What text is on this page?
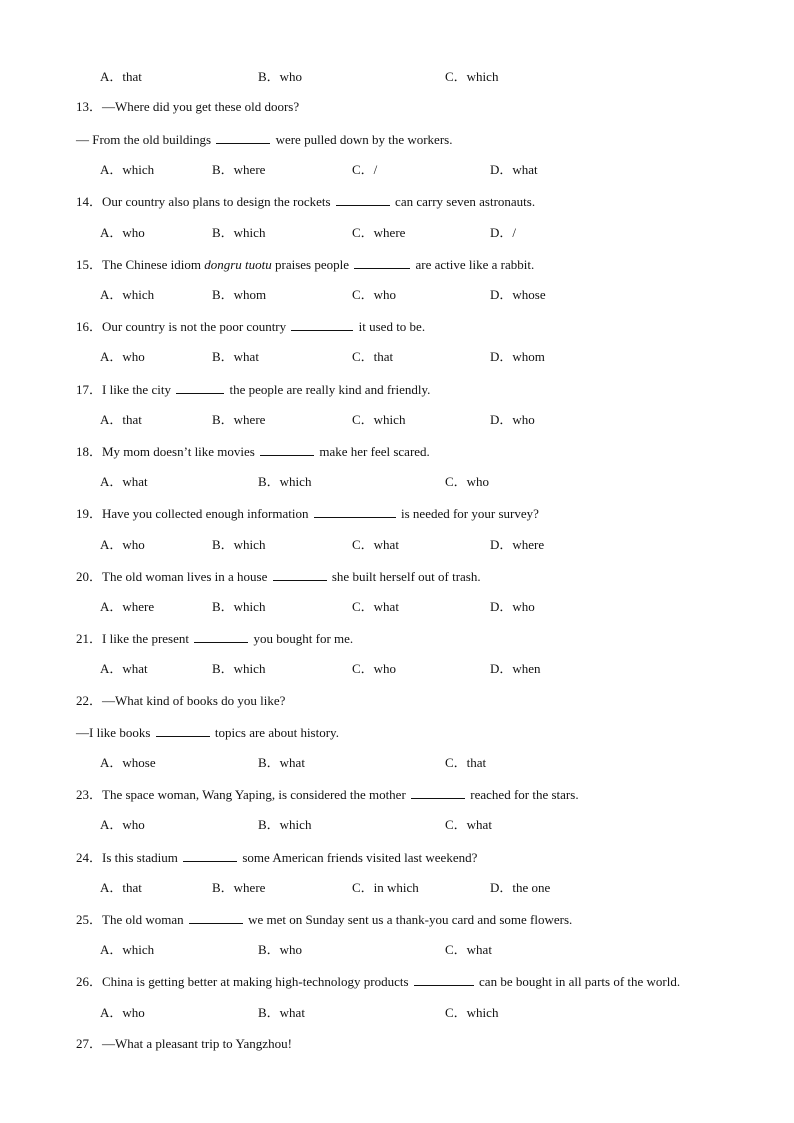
A．that	B．who	C．which
13．—Where did you get these old doors?
— From the old buildings	were pulled down by the workers.
A．which	B．where	C．/	D．what
14．Our country also plans to design the rockets	can carry seven astronauts.
A．who	B．which	C．where	D．/
15．The Chinese idiom dongru tuotu praises people	are active like a rabbit.
A．which	B．whom	C．who	D．whose
16．Our country is not the poor country	it used to be.
A．who	B．what	C．that	D．whom
17．I like the city	the people are really kind and friendly.
A．that	B．where	C．which	D．who
18．My mom doesn’t like movies	make her feel scared.
A．what	B．which	C．who
19．Have you collected enough information	is needed for your survey?
A．who	B．which	C．what	D．where
20．The old woman lives in a house	she built herself out of trash.
A．where	B．which	C．what	D．who
21．I like the present	you bought for me.
A．what	B．which	C．who	D．when
22．—What kind of books do you like?
—I like books	topics are about history.
A．whose	B．what	C．that
23．The space woman, Wang Yaping, is considered the mother	reached for the stars.
A．who	B．which	C．what
24．Is this stadium	some American friends visited last weekend?
A．that	B．where	C．in which	D．the one
25．The old woman	we met on Sunday sent us a thank-you card and some flowers.
A．which	B．who	C．what
26．China is getting better at making high-technology products	can be bought in all parts of the world.
A．who	B．what	C．which
27．—What a pleasant trip to Yangzhou!
